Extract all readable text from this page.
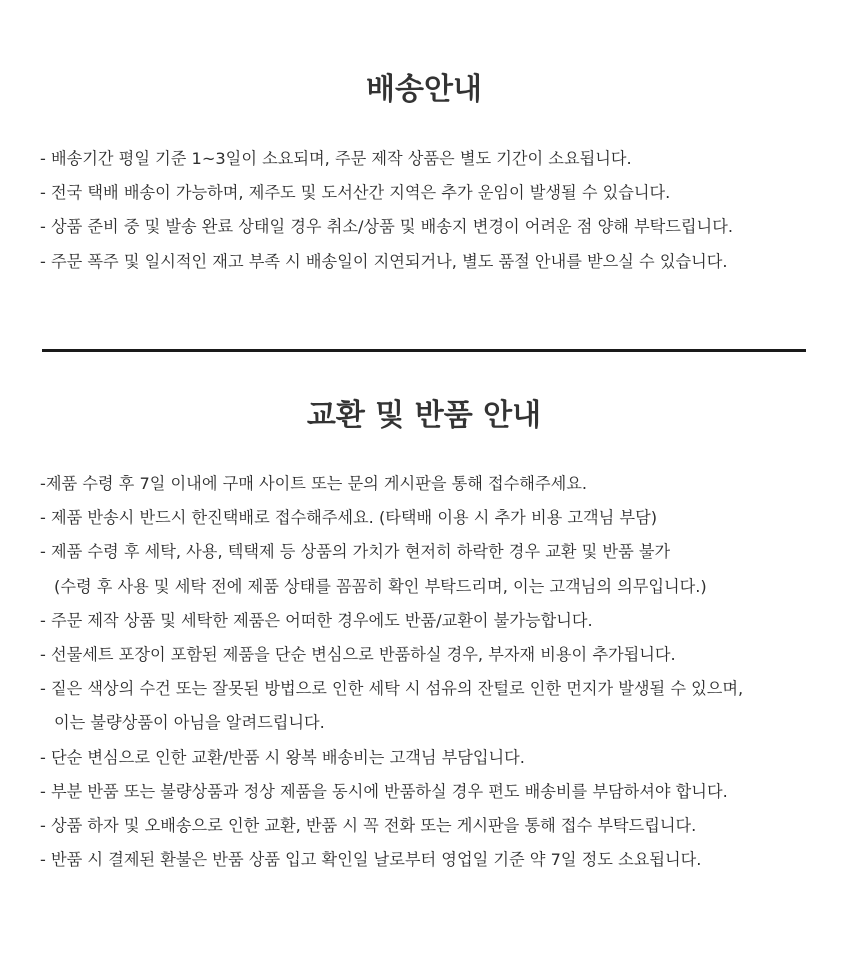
배송안내
- 배송기간 평일 기준 1~3일이 소요되며, 주문 제작 상품은 별도 기간이 소요됩니다.
- 전국 택배 배송이 가능하며, 제주도 및 도서산간 지역은 추가 운임이 발생될 수 있습니다.
- 상품 준비 중 및 발송 완료 상태일 경우 취소/상품 및 배송지 변경이 어려운 점 양해 부탁드립니다.
- 주문 폭주 및 일시적인 재고 부족 시 배송일이 지연되거나, 별도 품절 안내를 받으실 수 있습니다.
교환 및 반품 안내
-제품 수령 후 7일 이내에 구매 사이트 또는 문의 게시판을 통해 접수해주세요.
- 제품 반송시 반드시 한진택배로 접수해주세요. (타택배 이용 시 추가 비용 고객님 부담)
- 제품 수령 후 세탁, 사용, 텍택제 등 상품의 가치가 현저히 하락한 경우 교환 및 반품 불가
(수령 후 사용 및 세탁 전에 제품 상태를 꼼꼼히 확인 부탁드리며, 이는 고객님의 의무입니다.)
- 주문 제작 상품 및 세탁한 제품은 어떠한 경우에도 반품/교환이 불가능합니다.
- 선물세트 포장이 포함된 제품을 단순 변심으로 반품하실 경우, 부자재 비용이 추가됩니다.
- 짙은 색상의 수건 또는 잘못된 방법으로 인한 세탁 시 섬유의 잔털로 인한 먼지가 발생될 수 있으며,
이는 불량상품이 아님을 알려드립니다.
- 단순 변심으로 인한 교환/반품 시 왕복 배송비는 고객님 부담입니다.
- 부분 반품 또는 불량상품과 정상 제품을 동시에 반품하실 경우 편도 배송비를 부담하셔야 합니다.
- 상품 하자 및 오배송으로 인한 교환, 반품 시 꼭 전화 또는 게시판을 통해 접수 부탁드립니다.
- 반품 시 결제된 환불은 반품 상품 입고 확인일 날로부터 영업일 기준 약 7일 정도 소요됩니다.
